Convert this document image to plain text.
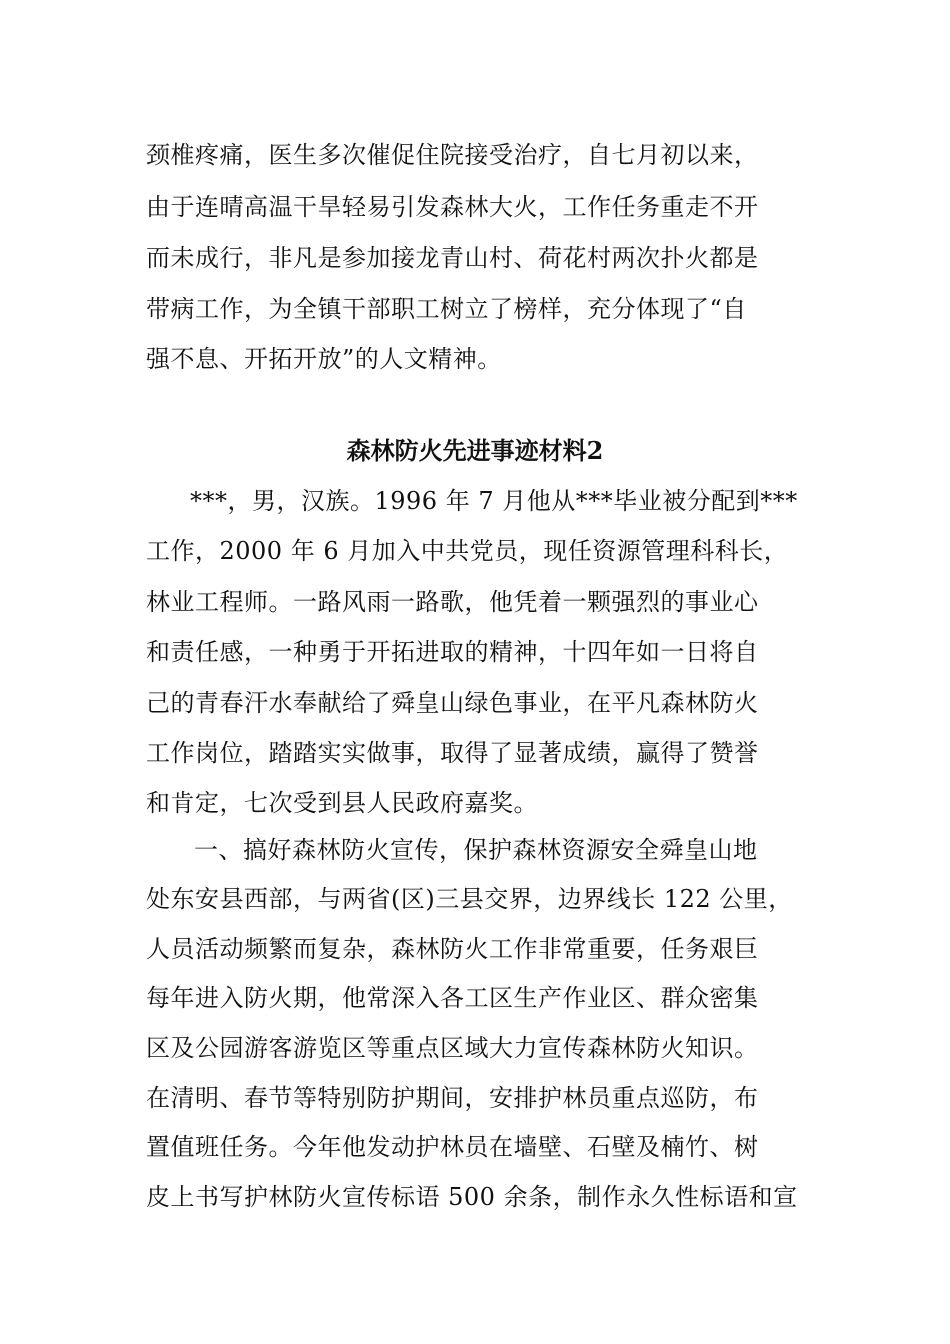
颈椎疼痛，医生多次催促住院接受治疗，自七月初以来，
由于连晴高温干旱轻易引发森林大火，工作任务重走不开
而未成行，非凡是参加接龙青山村、荷花村两次扑火都是
带病工作，为全镇干部职工树立了榜样，充分体现了“自
强不息、开拓开放”的人文精神。
森林防火先进事迹材料2
***，男，汉族。1996 年 7 月他从***毕业被分配到***
工作，2000 年 6 月加入中共党员，现任资源管理科科长，
林业工程师。一路风雨一路歌，他凭着一颗强烈的事业心
和责任感，一种勇于开拓进取的精神，十四年如一日将自
己的青春汗水奉献给了舜皇山绿色事业，在平凡森林防火
工作岗位，踏踏实实做事，取得了显著成绩，赢得了赞誉
和肯定，七次受到县人民政府嘉奖。
一、搞好森林防火宣传，保护森林资源安全舜皇山地
处东安县西部，与两省(区)三县交界，边界线长 122 公里，
人员活动频繁而复杂，森林防火工作非常重要，任务艰巨
每年进入防火期，他常深入各工区生产作业区、群众密集
区及公园游客游览区等重点区域大力宣传森林防火知识。
在清明、春节等特别防护期间，安排护林员重点巡防，布
置值班任务。今年他发动护林员在墙壁、石壁及楠竹、树
皮上书写护林防火宣传标语 500 余条，制作永久性标语和宣
